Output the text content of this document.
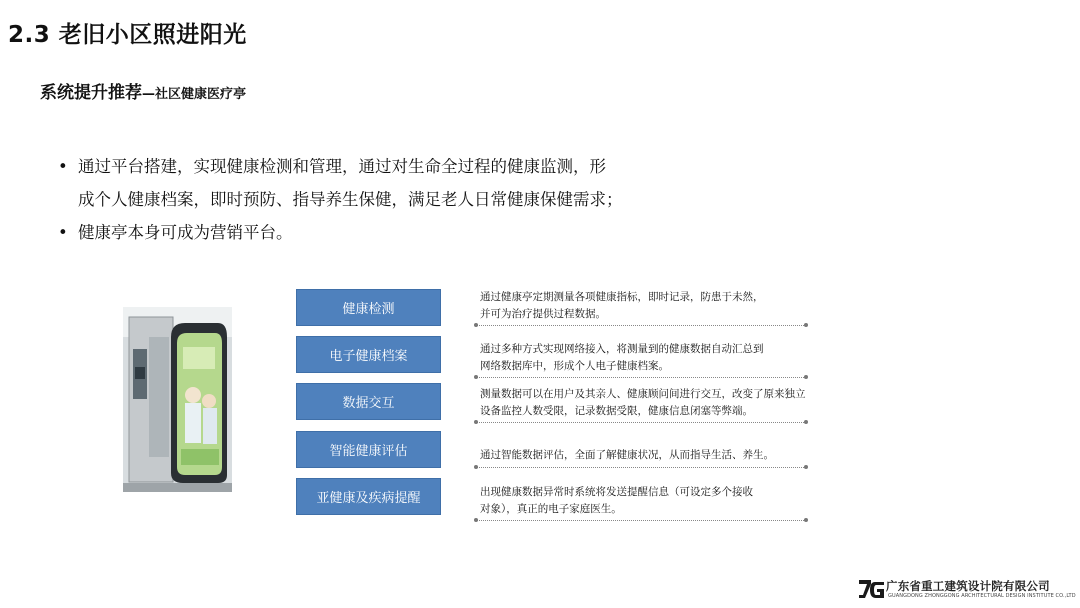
2.3 老旧小区照进阳光
系统提升推荐—社区健康医疗亭
• 通过平台搭建，实现健康检测和管理，通过对生命全过程的健康监测，形
成个人健康档案，即时预防、指导养生保健，满足老人日常健康保健需求；
• 健康亭本身可成为营销平台。
健康检测
电子健康档案
数据交互
智能健康评估
亚健康及疾病提醒
通过健康亭定期测量各项健康指标，即时记录，防患于未然，
并可为治疗提供过程数据。
通过多种方式实现网络接入，将测量到的健康数据自动汇总到
网络数据库中，形成个人电子健康档案。
测量数据可以在用户及其亲人、健康顾问间进行交互，改变了原来独立
设备监控人数受限，记录数据受限，健康信息闭塞等弊端。
通过智能数据评估，全面了解健康状况，从而指导生活、养生。
出现健康数据异常时系统将发送提醒信息（可设定多个接收
对象），真正的电子家庭医生。
广东省重工建筑设计院有限公司
GUANGDONG ZHONGGONG ARCHITECTURAL DESIGN INSTITUTE CO.,LTD
